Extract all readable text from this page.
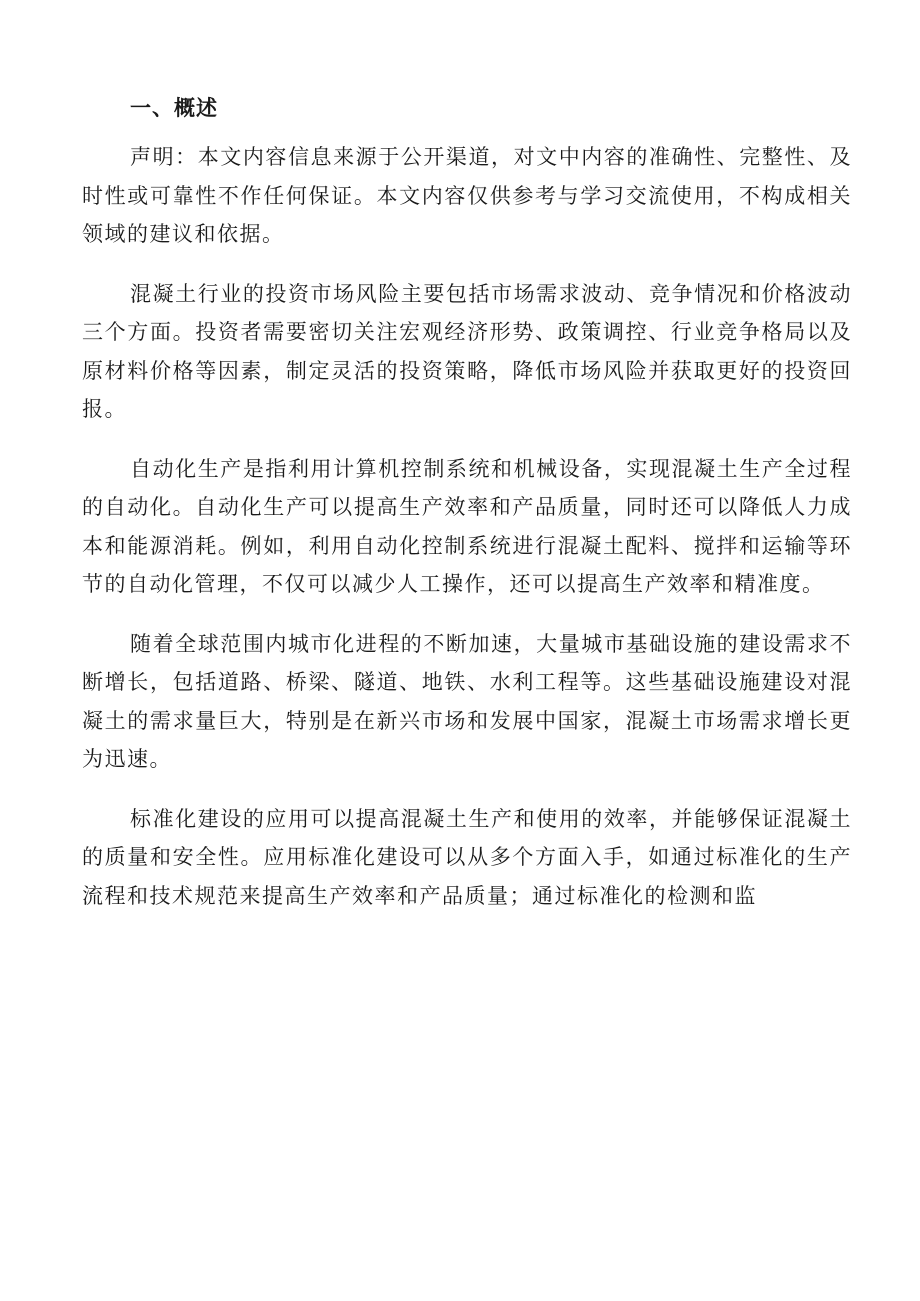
一、概述

声明：本文内容信息来源于公开渠道，对文中内容的准确性、完整性、及时性或可靠性不作任何保证。本文内容仅供参考与学习交流使用，不构成相关领域的建议和依据。

混凝土行业的投资市场风险主要包括市场需求波动、竞争情况和价格波动三个方面。投资者需要密切关注宏观经济形势、政策调控、行业竞争格局以及原材料价格等因素，制定灵活的投资策略，降低市场风险并获取更好的投资回报。

自动化生产是指利用计算机控制系统和机械设备，实现混凝土生产全过程的自动化。自动化生产可以提高生产效率和产品质量，同时还可以降低人力成本和能源消耗。例如，利用自动化控制系统进行混凝土配料、搅拌和运输等环节的自动化管理，不仅可以减少人工操作，还可以提高生产效率和精准度。

随着全球范围内城市化进程的不断加速，大量城市基础设施的建设需求不断增长，包括道路、桥梁、隧道、地铁、水利工程等。这些基础设施建设对混凝土的需求量巨大，特别是在新兴市场和发展中国家，混凝土市场需求增长更为迅速。

标准化建设的应用可以提高混凝土生产和使用的效率，并能够保证混凝土的质量和安全性。应用标准化建设可以从多个方面入手，如通过标准化的生产流程和技术规范来提高生产效率和产品质量；通过标准化的检测和监
